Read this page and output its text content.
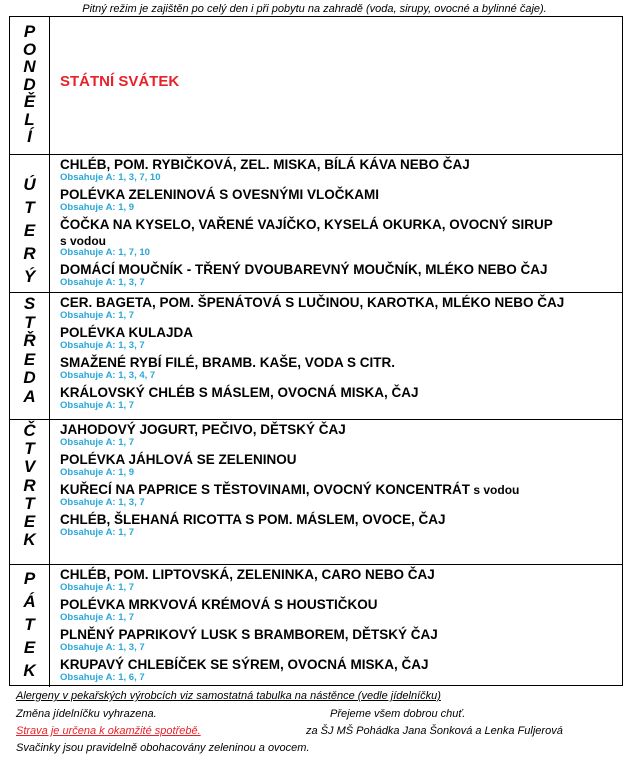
Pitný režim je zajištěn po celý den i při pobytu na zahradě (voda, sirupy, ovocné a bylinné čaje).
P
O
N
D
Ě
L
Í
STÁTNÍ SVÁTEK
Ú
T
E
R
Ý
CHLÉB, POM. RYBIČKOVÁ, ZEL. MISKA, BÍLÁ KÁVA NEBO ČAJ
Obsahuje A: 1, 3, 7, 10
POLÉVKA ZELENINOVÁ S OVESNÝMI VLOČKAMI
Obsahuje A: 1, 9
ČOČKA NA KYSELO, VAŘENÉ VAJÍČKO, KYSELÁ OKURKA, OVOCNÝ SIRUP
s vodou
Obsahuje A: 1, 7, 10
DOMÁCÍ MOUČNÍK - TŘENÝ DVOUBAREVNÝ MOUČNÍK, MLÉKO NEBO ČAJ
Obsahuje A: 1, 3, 7
S
T
Ř
E
D
A
CER. BAGETA, POM. ŠPENÁTOVÁ S LUČINOU, KAROTKA, MLÉKO NEBO ČAJ
Obsahuje A: 1, 7
POLÉVKA KULAJDA
Obsahuje A: 1, 3, 7
SMAŽENÉ RYBÍ FILÉ, BRAMB. KAŠE, VODA S CITR.
Obsahuje A: 1, 3, 4, 7
KRÁLOVSKÝ CHLÉB S MÁSLEM, OVOCNÁ MISKA, ČAJ
Obsahuje A: 1, 7
Č
T
V
R
T
E
K
JAHODOVÝ JOGURT, PEČIVO, DĚTSKÝ ČAJ
Obsahuje A: 1, 7
POLÉVKA JÁHLOVÁ SE ZELENINOU
Obsahuje A: 1, 9
KUŘECÍ NA PAPRICE S TĚSTOVINAMI, OVOCNÝ KONCENTRÁT s vodou
Obsahuje A: 1, 3, 7
CHLÉB, ŠLEHANÁ RICOTTA S POM. MÁSLEM, OVOCE, ČAJ
Obsahuje A: 1, 7
P
Á
T
E
K
CHLÉB, POM. LIPTOVSKÁ, ZELENINKA, CARO NEBO ČAJ
Obsahuje A: 1, 7
POLÉVKA MRKVOVÁ KRÉMOVÁ S HOUSTIČKOU
Obsahuje A: 1, 7
PLNĚNÝ PAPRIKOVÝ LUSK S BRAMBOREM, DĚTSKÝ ČAJ
Obsahuje A: 1, 3, 7
KRUPAVÝ CHLEBÍČEK SE SÝREM, OVOCNÁ MISKA, ČAJ
Obsahuje A: 1, 6, 7
Alergeny v pekařských výrobcích viz samostatná tabulka na nástěnce (vedle jídelníčku)
Změna jídelníčku vyhrazena.	Přejeme všem dobrou chuť.
Strava je určena k okamžité spotřebě.	za ŠJ MŠ Pohádka Jana Šonková a Lenka Fuljerová
Svačinky jsou pravidelně obohacovány zeleninou a ovocem.
